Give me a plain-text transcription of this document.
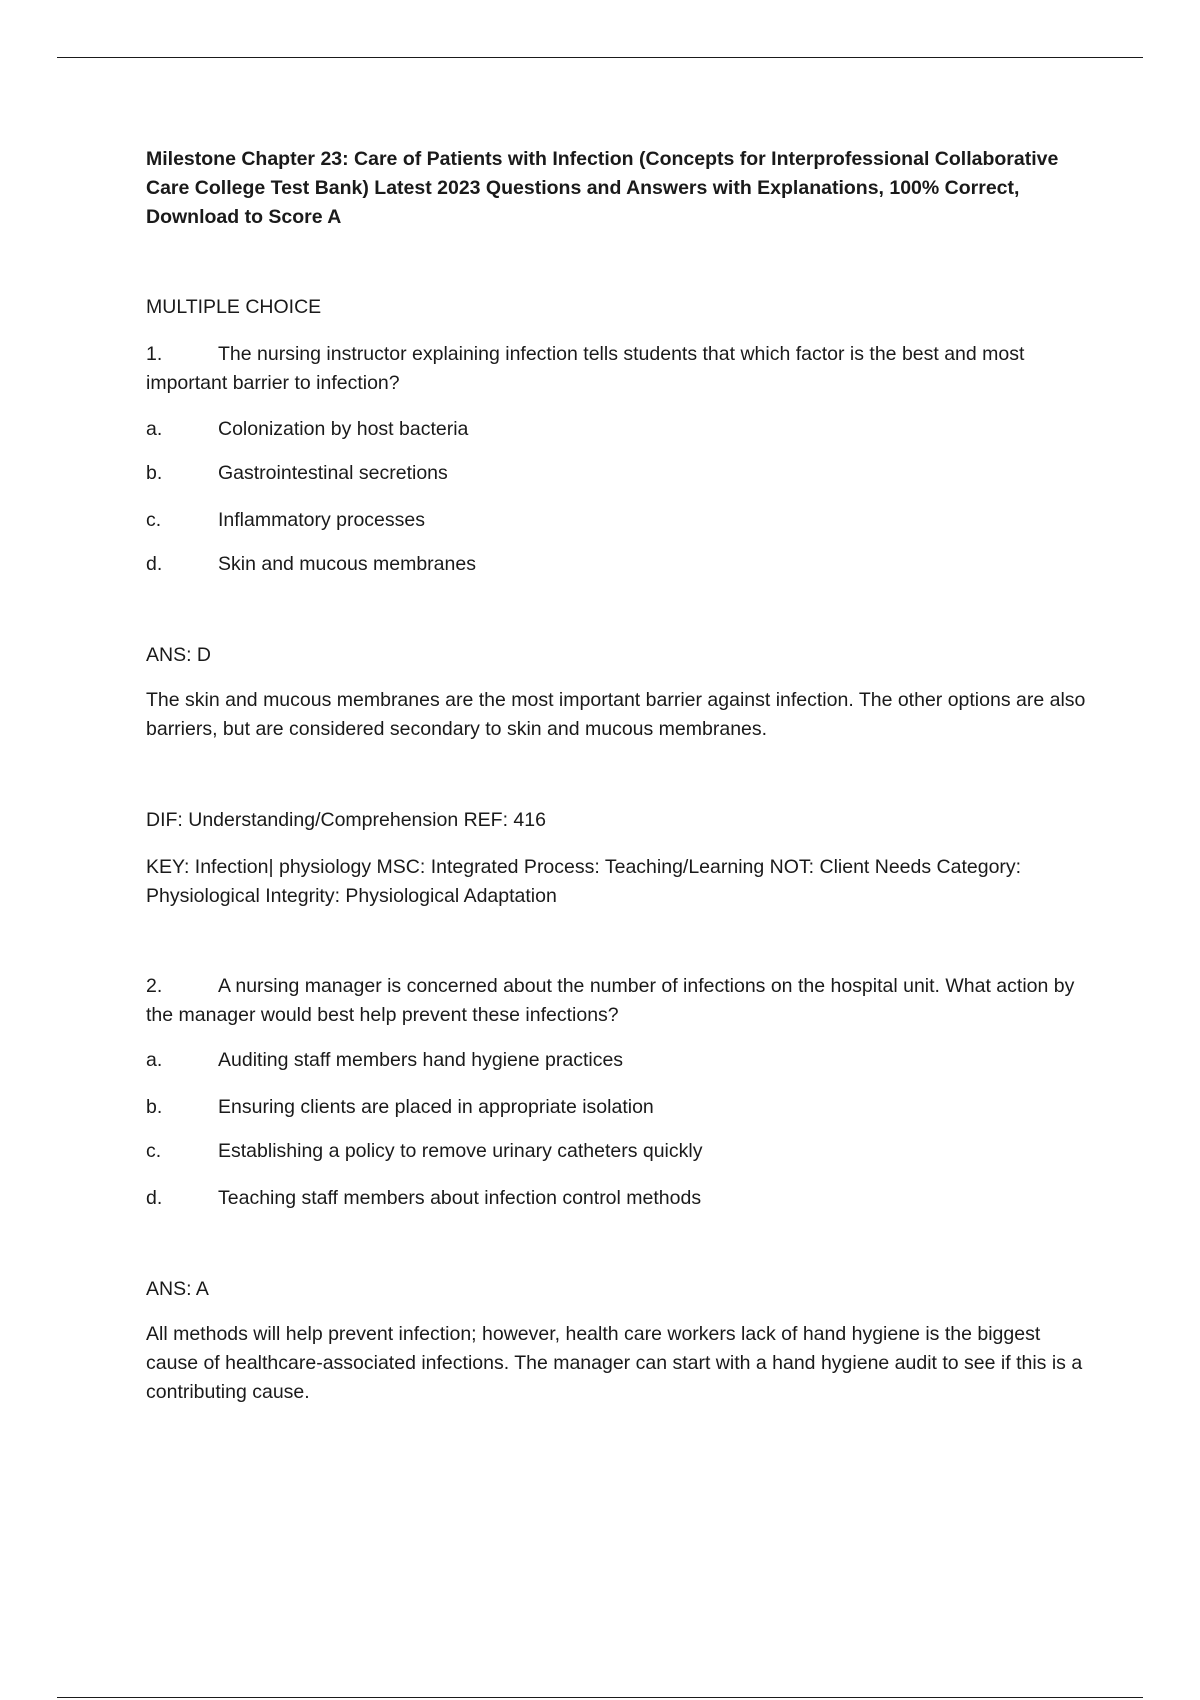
Milestone Chapter 23: Care of Patients with Infection (Concepts for Interprofessional Collaborative Care College Test Bank) Latest 2023 Questions and Answers with Explanations, 100% Correct, Download to Score A
MULTIPLE CHOICE
1.	The nursing instructor explaining infection tells students that which factor is the best and most important barrier to infection?
a.	Colonization by host bacteria
b.	Gastrointestinal secretions
c.	Inflammatory processes
d.	Skin and mucous membranes
ANS: D
The skin and mucous membranes are the most important barrier against infection. The other options are also barriers, but are considered secondary to skin and mucous membranes.
DIF: Understanding/Comprehension REF: 416
KEY: Infection| physiology MSC: Integrated Process: Teaching/Learning NOT: Client Needs Category: Physiological Integrity: Physiological Adaptation
2.	A nursing manager is concerned about the number of infections on the hospital unit. What action by the manager would best help prevent these infections?
a.	Auditing staff members hand hygiene practices
b.	Ensuring clients are placed in appropriate isolation
c.	Establishing a policy to remove urinary catheters quickly
d.	Teaching staff members about infection control methods
ANS: A
All methods will help prevent infection; however, health care workers lack of hand hygiene is the biggest cause of healthcare-associated infections. The manager can start with a hand hygiene audit to see if this is a contributing cause.
